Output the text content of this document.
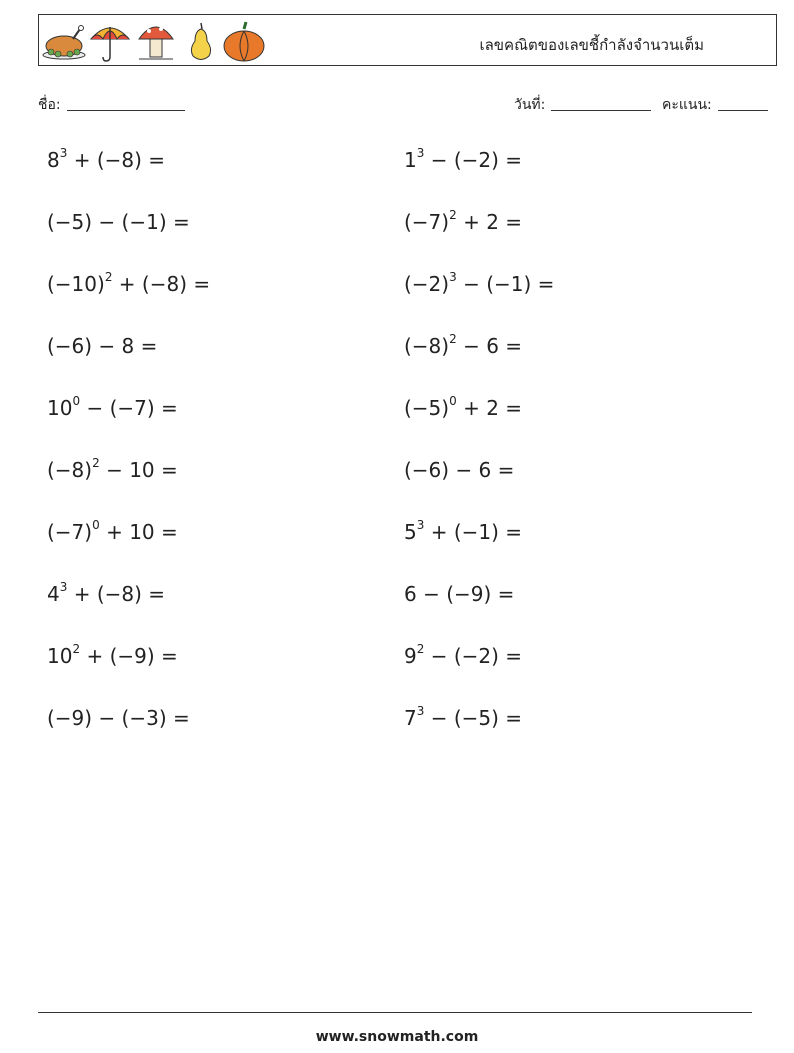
เลขคณิตของเลขชี้กำลังจำนวนเต็ม
ชื่อ:	วันที่:	คะแนน:
$8^3 + (-8)$ =
(−5) − (−1) =
$(-10)^2 + (-8)$ =
(−6) − 8 =
$10^0 - (-7)$ =
$(-8)^2 - 10$ =
$(-7)^0 + 10$ =
$4^3 + (-8)$ =
$10^2 + (-9)$ =
(−9) − (−3) =
$1^3 - (-2)$ =
$(-7)^2 + 2$ =
$(-2)^3 - (-1)$ =
$(-8)^2 - 6$ =
$(-5)^0 + 2$ =
(−6) − 6 =
$5^3 + (-1)$ =
6 − (−9) =
$9^2 - (-2)$ =
$7^3 - (-5)$ =
www.snowmath.com
